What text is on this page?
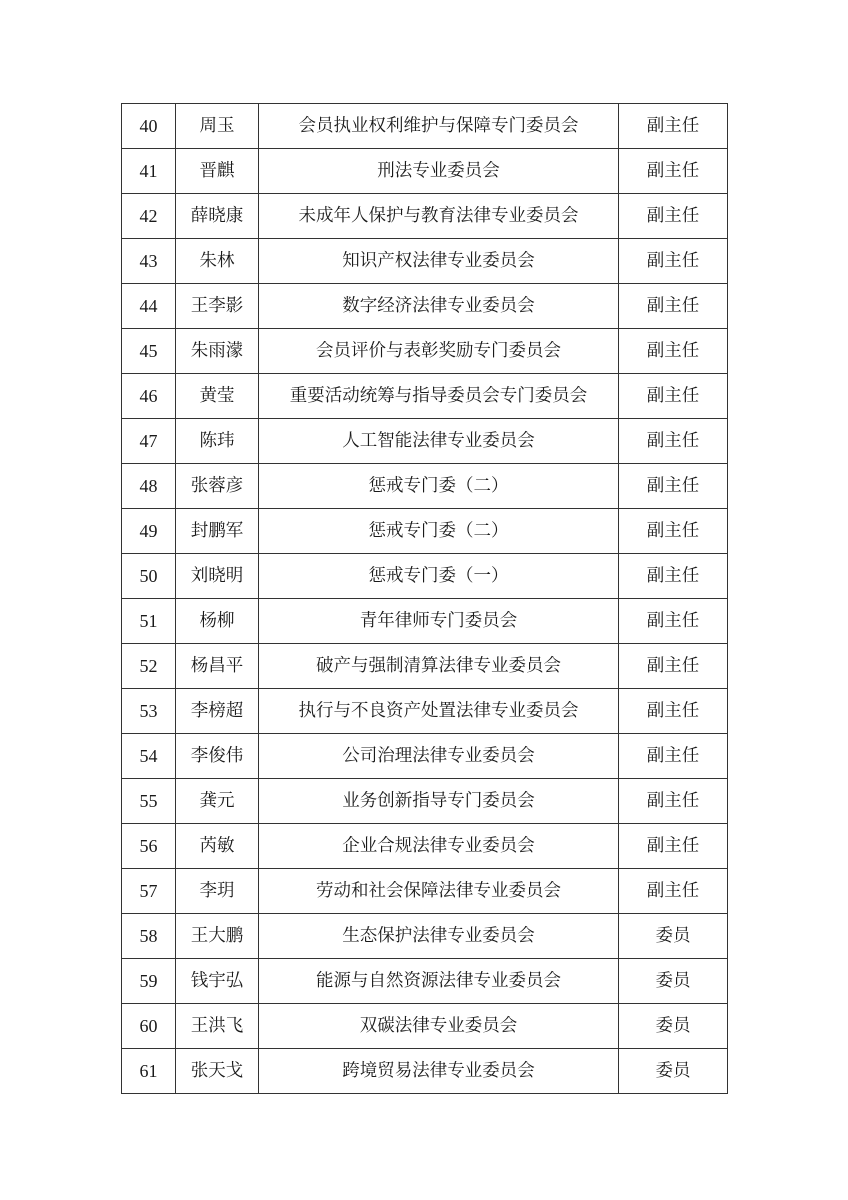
40	周玉	会员执业权利维护与保障专门委员会	副主任
41	晋麒	刑法专业委员会	副主任
42	薛晓康	未成年人保护与教育法律专业委员会	副主任
43	朱林	知识产权法律专业委员会	副主任
44	王李影	数字经济法律专业委员会	副主任
45	朱雨濛	会员评价与表彰奖励专门委员会	副主任
46	黄莹	重要活动统筹与指导委员会专门委员会	副主任
47	陈玮	人工智能法律专业委员会	副主任
48	张蓉彦	惩戒专门委（二）	副主任
49	封鹏军	惩戒专门委（二）	副主任
50	刘晓明	惩戒专门委（一）	副主任
51	杨柳	青年律师专门委员会	副主任
52	杨昌平	破产与强制清算法律专业委员会	副主任
53	李榜超	执行与不良资产处置法律专业委员会	副主任
54	李俊伟	公司治理法律专业委员会	副主任
55	龚元	业务创新指导专门委员会	副主任
56	芮敏	企业合规法律专业委员会	副主任
57	李玥	劳动和社会保障法律专业委员会	副主任
58	王大鹏	生态保护法律专业委员会	委员
59	钱宇弘	能源与自然资源法律专业委员会	委员
60	王洪飞	双碳法律专业委员会	委员
61	张天戈	跨境贸易法律专业委员会	委员
